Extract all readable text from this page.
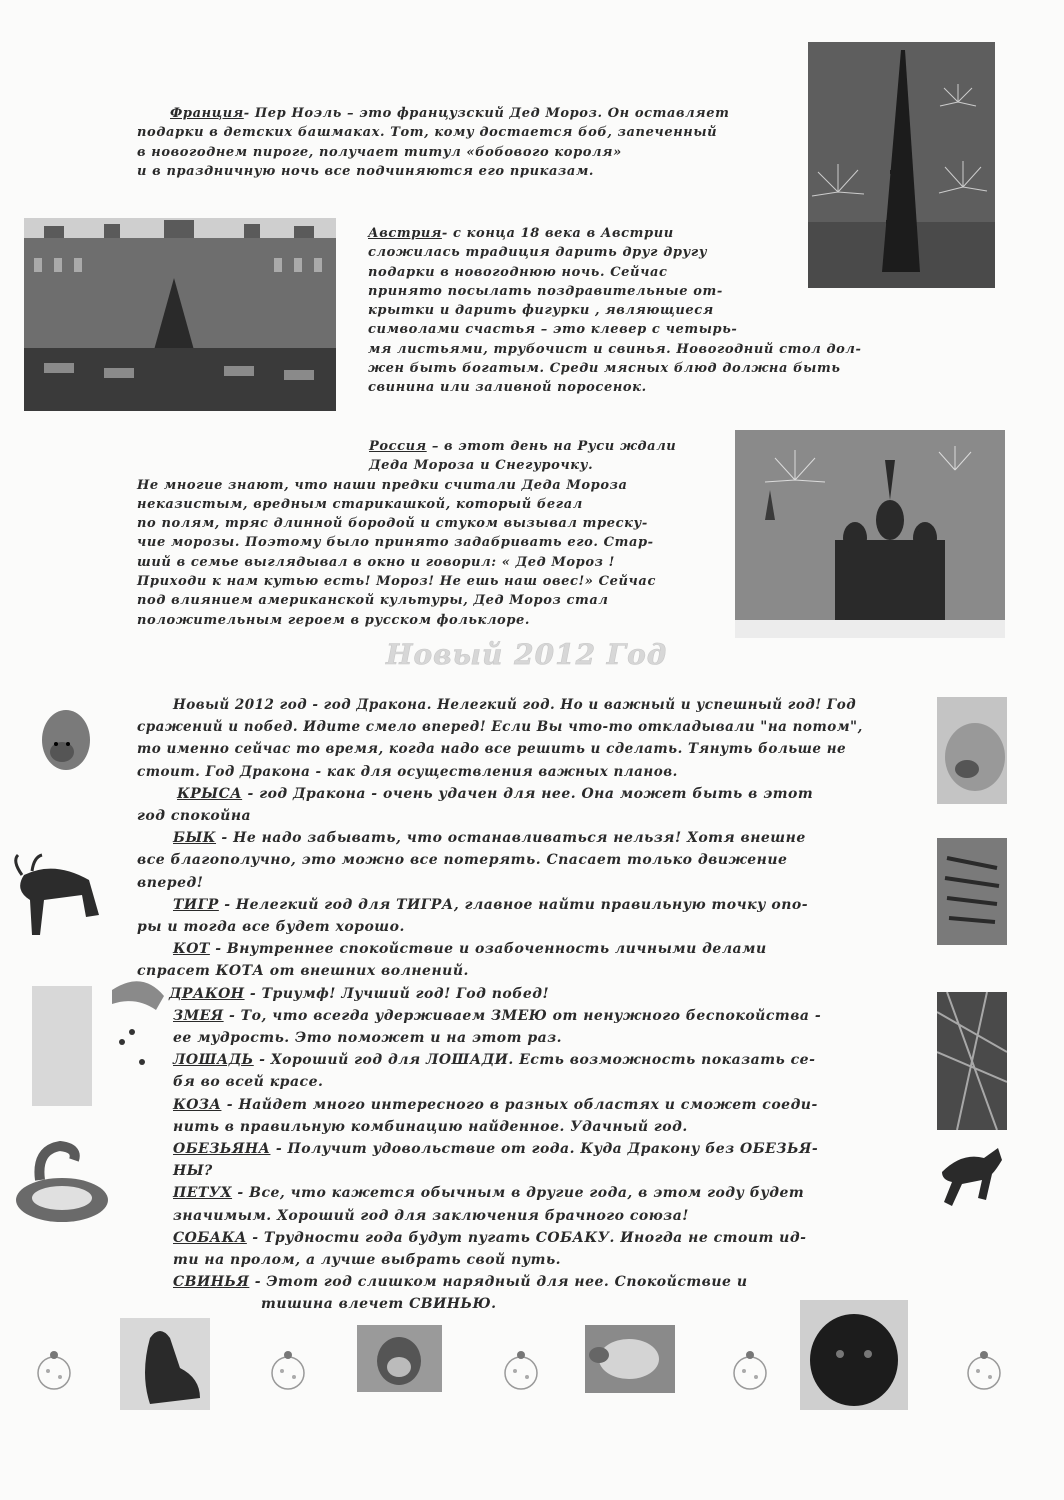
Франция- Пер Ноэль – это французский Дед Мороз. Он оставляет

подарки в детских башмаках. Тот, кому достается боб, запеченный

в новогоднем пироге, получает титул «бобового короля»

и в праздничную ночь все подчиняются его приказам.

Австрия- с конца 18 века в Австрии

сложилась традиция дарить друг другу

подарки в новогоднюю ночь. Сейчас

принято посылать поздравительные от-

крытки и дарить фигурки , являющиеся

символами счастья – это клевер с четырь-

мя листьями, трубочист и свинья. Новогодний стол дол-

жен быть богатым. Среди мясных блюд должна быть

свинина или заливной поросенок.

Россия – в этот день на Руси ждали

Деда Мороза и Снегурочку.

Не многие знают, что наши предки считали Деда Мороза

неказистым, вредным старикашкой, который бегал

по полям, тряс длинной бородой и стуком вызывал треску-

чие морозы. Поэтому было принято задабривать его. Стар-

ший в семье выглядывал в окно и говорил: « Дед Мороз !

Приходи к нам кутью есть! Мороз! Не ешь наш овес!» Сейчас

под влиянием американской культуры, Дед Мороз стал

положительным героем в русском фольклоре.

Новый 2012 Год

Новый 2012 год - год Дракона. Нелегкий год. Но и важный и успешный год! Год

сражений и побед. Идите смело вперед! Если Вы что-то откладывали "на потом",

то именно сейчас то время, когда надо все решить и сделать. Тянуть больше не

стоит. Год Дракона - как для осуществления важных планов.

КРЫСА - год Дракона - очень удачен для нее. Она может быть в этот

год спокойна

БЫК - Не надо забывать, что останавливаться нельзя! Хотя внешне

все благополучно, это можно все потерять. Спасает только движение

вперед!

ТИГР - Нелегкий год для ТИГРА, главное найти правильную точку опо-

ры и тогда все будет хорошо.

КОТ - Внутреннее спокойствие и озабоченность личными делами

спрасет КОТА от внешних волнений.

ДРАКОН - Триумф! Лучший год! Год побед!

ЗМЕЯ - То, что всегда удерживаем ЗМЕЮ от ненужного беспокойства -

ее мудрость. Это поможет и на этот раз.

ЛОШАДЬ - Хороший год для ЛОШАДИ. Есть возможность показать се-

бя во всей красе.

КОЗА - Найдет много интересного в разных областях и сможет соеди-

нить в правильную комбинацию найденное. Удачный год.

ОБЕЗЬЯНА - Получит удовольствие от года. Куда Дракону без ОБЕЗЬЯ-

НЫ?

ПЕТУХ - Все, что кажется обычным в другие года, в этом году будет

значимым. Хороший год для заключения брачного союза!

СОБАКА - Трудности года будут пугать СОБАКУ. Иногда не стоит ид-

ти на пролом, а лучше выбрать свой путь.

СВИНЬЯ - Этот год слишком нарядный для нее. Спокойствие и

тишина влечет СВИНЬЮ.
